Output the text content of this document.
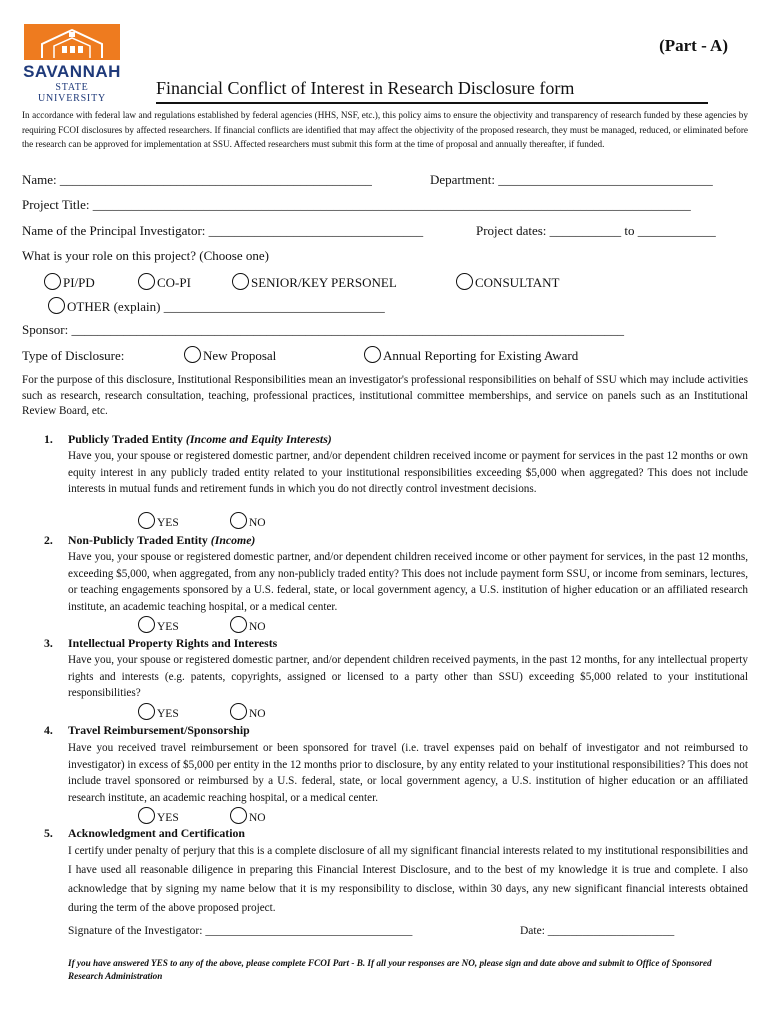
SAVANNAH
STATE UNIVERSITY
(Part - A)
Financial Conflict of Interest in Research Disclosure form
In accordance with federal law and regulations established by federal agencies (HHS, NSF, etc.), this policy aims to ensure the objectivity and transparency of research funded by these agencies by requiring FCOI disclosures by affected researchers. If financial conflicts are identified that may affect the objectivity of the proposed research, they must be managed, reduced, or eliminated before the research can be approved for implementation at SSU. Affected researchers must submit this form at the time of proposal and annually thereafter, if funded.
Name: ________________________________________________	Department: _________________________________
Project Title: ____________________________________________________________________________________________
Name of the Principal Investigator: _________________________________	Project dates: ___________ to ____________
What is your role on this project? (Choose one)
PI/PD	CO-PI	SENIOR/KEY PERSONEL	CONSULTANT
OTHER (explain) __________________________________
Sponsor: _____________________________________________________________________________________
Type of Disclosure:	New Proposal	Annual Reporting for Existing Award
For the purpose of this disclosure, Institutional Responsibilities mean an investigator's professional responsibilities on behalf of SSU which may include activities such as research, research consultation, teaching, professional practices, institutional committee memberships, and service on panels such as an Institutional Review Board, etc.
1. Publicly Traded Entity (Income and Equity Interests)
Have you, your spouse or registered domestic partner, and/or dependent children received income or payment for services in the past 12 months or own equity interest in any publicly traded entity related to your institutional responsibilities exceeding $5,000 when aggregated? This does not include interests in mutual funds and retirement funds in which you do not directly control investment decisions.
YES	NO
2. Non-Publicly Traded Entity (Income)
Have you, your spouse or registered domestic partner, and/or dependent children received income or other payment for services, in the past 12 months, exceeding $5,000, when aggregated, from any non-publicly traded entity? This does not include payment form SSU, or income from seminars, lectures, or teaching engagements sponsored by a U.S. federal, state, or local government agency, a U.S. institution of higher education or an affiliated research institute, an academic teaching hospital, or a medical center.
YES	NO
3. Intellectual Property Rights and Interests
Have you, your spouse or registered domestic partner, and/or dependent children received payments, in the past 12 months, for any intellectual property rights and interests (e.g. patents, copyrights, assigned or licensed to a party other than SSU) exceeding $5,000 related to your institutional responsibilities?
YES	NO
4. Travel Reimbursement/Sponsorship
Have you received travel reimbursement or been sponsored for travel (i.e. travel expenses paid on behalf of investigator and not reimbursed to investigator) in excess of $5,000 per entity in the 12 months prior to disclosure, by any entity related to your institutional responsibilities? This does not include travel sponsored or reimbursed by a U.S. federal, state, or local government agency, a U.S. institution of higher education or an affiliated research institute, an academic reaching hospital, or a medical center.
YES	NO
5. Acknowledgment and Certification
I certify under penalty of perjury that this is a complete disclosure of all my significant financial interests related to my institutional responsibilities and I have used all reasonable diligence in preparing this Financial Interest Disclosure, and to the best of my knowledge it is true and complete. I also acknowledge that by signing my name below that it is my responsibility to disclose, within 30 days, any new significant financial interests obtained during the term of the above proposed project.
Signature of the Investigator: ____________________________________	Date: ______________________
If you have answered YES to any of the above, please complete FCOI Part - B. If all your responses are NO, please sign and date above and submit to Office of Sponsored Research Administration
